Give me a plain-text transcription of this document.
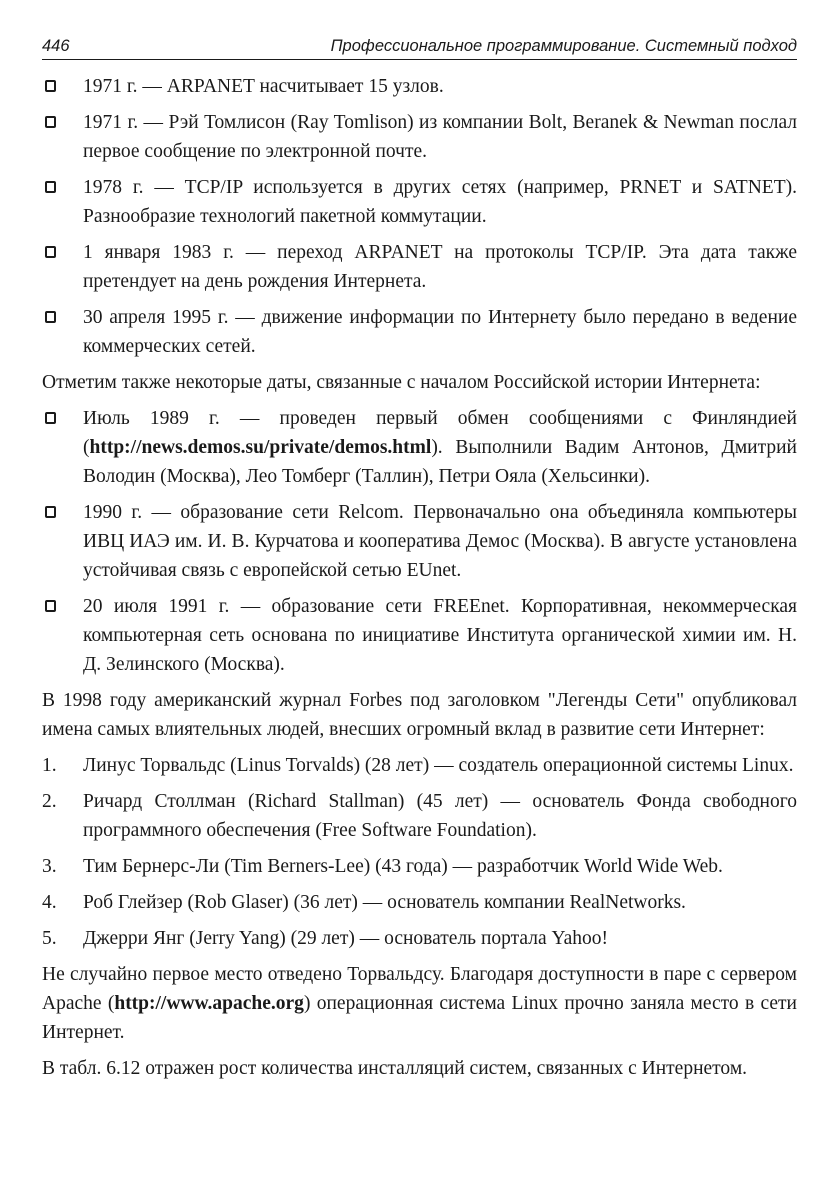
446	Профессиональное программирование. Системный подход
1971 г. — ARPANET насчитывает 15 узлов.
1971 г. — Рэй Томлисон (Ray Tomlison) из компании Bolt, Beranek & Newman послал первое сообщение по электронной почте.
1978 г. — TCP/IP используется в других сетях (например, PRNET и SATNET). Разнообразие технологий пакетной коммутации.
1 января 1983 г. — переход ARPANET на протоколы TCP/IP. Эта дата также претендует на день рождения Интернета.
30 апреля 1995 г. — движение информации по Интернету было передано в ведение коммерческих сетей.

Отметим также некоторые даты, связанные с началом Российской истории Интернета:

Июль 1989 г. — проведен первый обмен сообщениями с Финляндией (http://news.demos.su/private/demos.html). Выполнили Вадим Антонов, Дмитрий Володин (Москва), Лео Томберг (Таллин), Петри Ояла (Хельсинки).
1990 г. — образование сети Relcom. Первоначально она объединяла компьютеры ИВЦ ИАЭ им. И. В. Курчатова и кооператива Демос (Москва). В августе установлена устойчивая связь с европейской сетью EUnet.
20 июля 1991 г. — образование сети FREEnet. Корпоративная, некоммерческая компьютерная сеть основана по инициативе Института органической химии им. Н. Д. Зелинского (Москва).

В 1998 году американский журнал Forbes под заголовком "Легенды Сети" опубликовал имена самых влиятельных людей, внесших огромный вклад в развитие сети Интернет:

1. Линус Торвальдс (Linus Torvalds) (28 лет) — создатель операционной системы Linux.
2. Ричард Столлман (Richard Stallman) (45 лет) — основатель Фонда свободного программного обеспечения (Free Software Foundation).
3. Тим Бернерс-Ли (Tim Berners-Lee) (43 года) — разработчик World Wide Web.
4. Роб Глейзер (Rob Glaser) (36 лет) — основатель компании RealNetworks.
5. Джерри Янг (Jerry Yang) (29 лет) — основатель портала Yahoo!

Не случайно первое место отведено Торвальдсу. Благодаря доступности в паре с сервером Apache (http://www.apache.org) операционная система Linux прочно заняла место в сети Интернет.

В табл. 6.12 отражен рост количества инсталляций систем, связанных с Интернетом.
